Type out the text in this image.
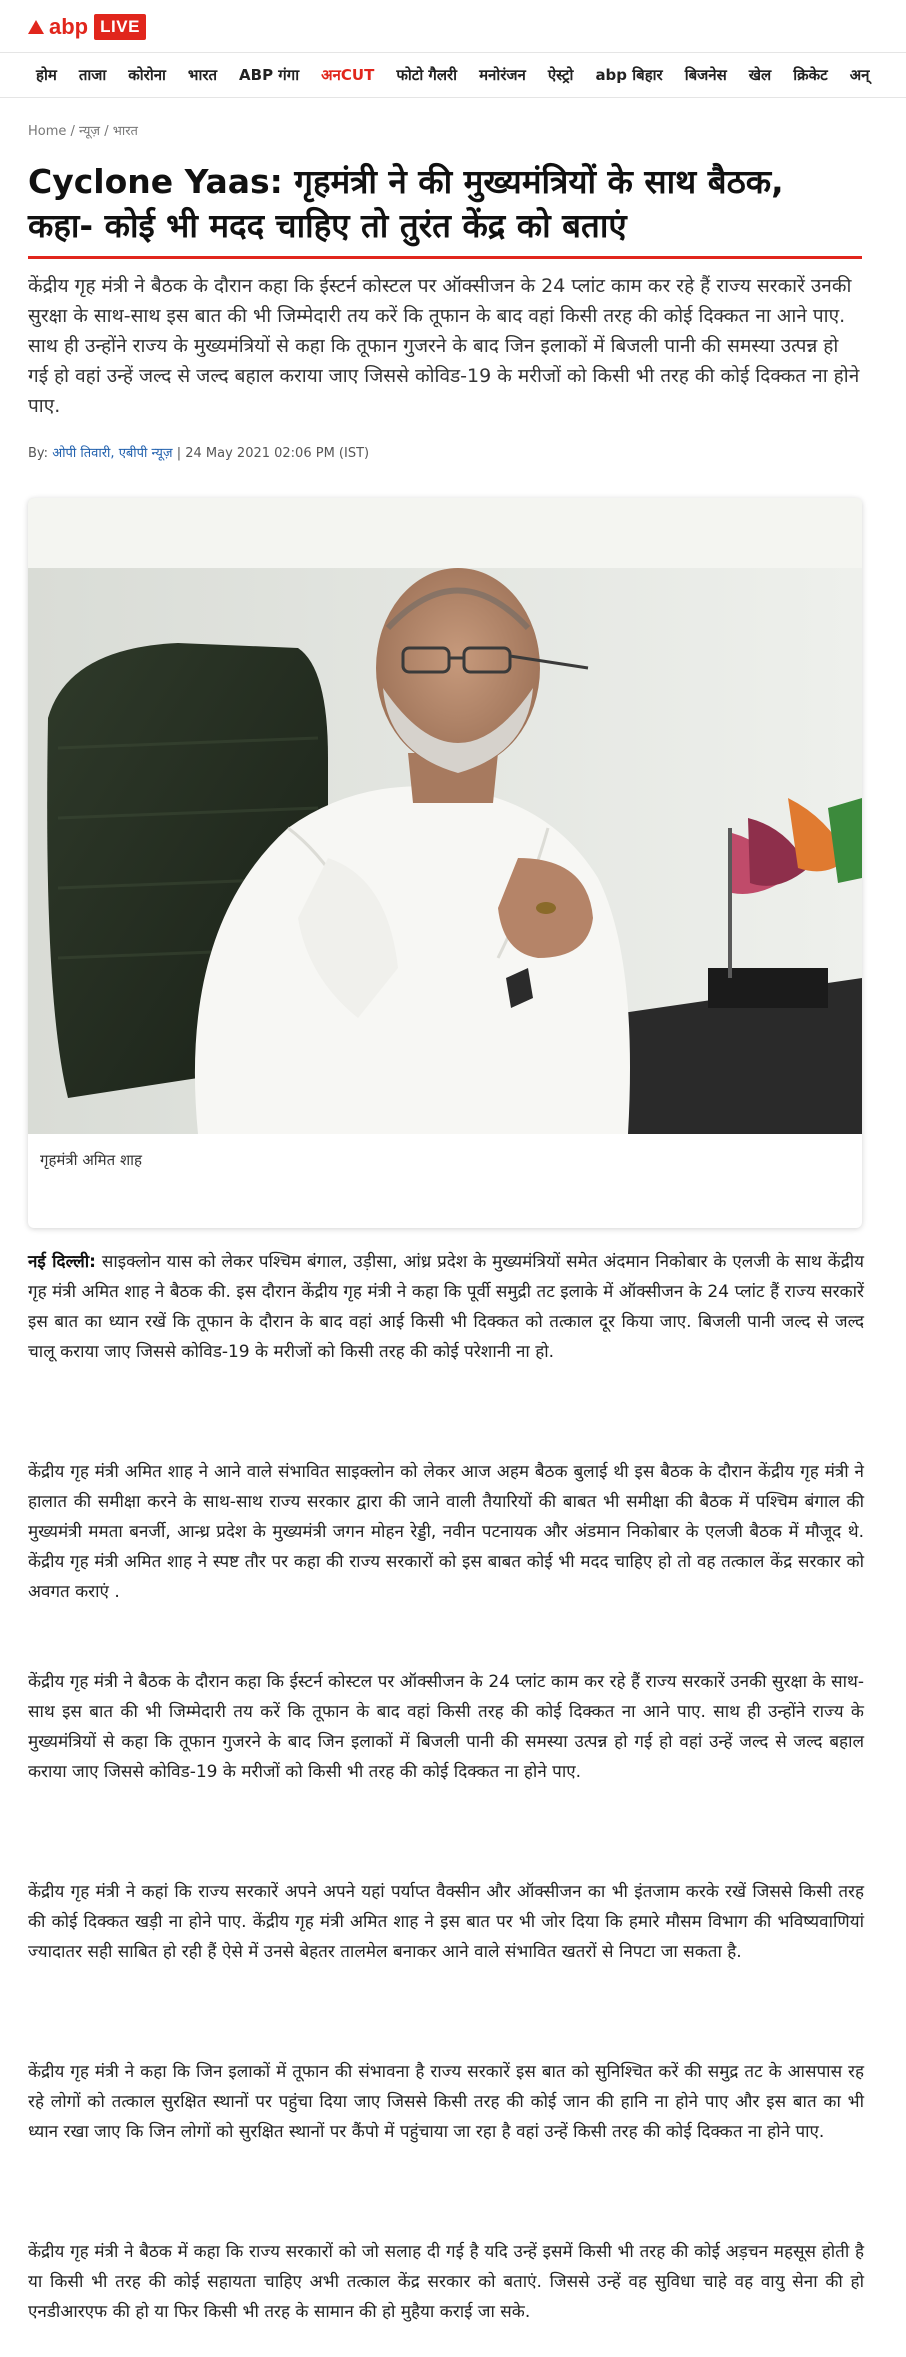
abp LIVE
होम ताजा कोरोना भारत ABP गंगा अनCUT फोटो गैलरी मनोरंजन ऐस्ट्रो abp बिहार बिजनेस खेल क्रिकेट अन्
Home / न्यूज़ / भारत
Cyclone Yaas: गृहमंत्री ने की मुख्यमंत्रियों के साथ बैठक, कहा- कोई भी मदद चाहिए तो तुरंत केंद्र को बताएं

केंद्रीय गृह मंत्री ने बैठक के दौरान कहा कि ईस्टर्न कोस्टल पर ऑक्सीजन के 24 प्लांट काम कर रहे हैं राज्य सरकारें उनकी सुरक्षा के साथ-साथ इस बात की भी जिम्मेदारी तय करें कि तूफान के बाद वहां किसी तरह की कोई दिक्कत ना आने पाए. साथ ही उन्होंने राज्य के मुख्यमंत्रियों से कहा कि तूफान गुजरने के बाद जिन इलाकों में बिजली पानी की समस्या उत्पन्न हो गई हो वहां उन्हें जल्द से जल्द बहाल कराया जाए जिससे कोविड-19 के मरीजों को किसी भी तरह की कोई दिक्कत ना होने पाए.

By: ओपी तिवारी, एबीपी न्यूज़ | 24 May 2021 02:06 PM (IST)
गृहमंत्री अमित शाह

नई दिल्ली: साइक्लोन यास को लेकर पश्चिम बंगाल, उड़ीसा, आंध्र प्रदेश के मुख्यमंत्रियों समेत अंदमान निकोबार के एलजी के साथ केंद्रीय गृह मंत्री अमित शाह ने बैठक की. इस दौरान केंद्रीय गृह मंत्री ने कहा कि पूर्वी समुद्री तट इलाके में ऑक्सीजन के 24 प्लांट हैं राज्य सरकारें इस बात का ध्यान रखें कि तूफान के दौरान के बाद वहां आई किसी भी दिक्कत को तत्काल दूर किया जाए. बिजली पानी जल्द से जल्द चालू कराया जाए जिससे कोविड-19 के मरीजों को किसी तरह की कोई परेशानी ना हो.

केंद्रीय गृह मंत्री अमित शाह ने आने वाले संभावित साइक्लोन को लेकर आज अहम बैठक बुलाई थी इस बैठक के दौरान केंद्रीय गृह मंत्री ने हालात की समीक्षा करने के साथ-साथ राज्य सरकार द्वारा की जाने वाली तैयारियों की बाबत भी समीक्षा की बैठक में पश्चिम बंगाल की मुख्यमंत्री ममता बनर्जी, आन्ध्र प्रदेश के मुख्यमंत्री जगन मोहन रेड्डी, नवीन पटनायक और अंडमान निकोबार के एलजी बैठक में मौजूद थे. केंद्रीय गृह मंत्री अमित शाह ने स्पष्ट तौर पर कहा की राज्य सरकारों को इस बाबत कोई भी मदद चाहिए हो तो वह तत्काल केंद्र सरकार को अवगत कराएं .

केंद्रीय गृह मंत्री ने बैठक के दौरान कहा कि ईस्टर्न कोस्टल पर ऑक्सीजन के 24 प्लांट काम कर रहे हैं राज्य सरकारें उनकी सुरक्षा के साथ-साथ इस बात की भी जिम्मेदारी तय करें कि तूफान के बाद वहां किसी तरह की कोई दिक्कत ना आने पाए. साथ ही उन्होंने राज्य के मुख्यमंत्रियों से कहा कि तूफान गुजरने के बाद जिन इलाकों में बिजली पानी की समस्या उत्पन्न हो गई हो वहां उन्हें जल्द से जल्द बहाल कराया जाए जिससे कोविड-19 के मरीजों को किसी भी तरह की कोई दिक्कत ना होने पाए.

केंद्रीय गृह मंत्री ने कहां कि राज्य सरकारें अपने अपने यहां पर्याप्त वैक्सीन और ऑक्सीजन का भी इंतजाम करके रखें जिससे किसी तरह की कोई दिक्कत खड़ी ना होने पाए. केंद्रीय गृह मंत्री अमित शाह ने इस बात पर भी जोर दिया कि हमारे मौसम विभाग की भविष्यवाणियां ज्यादातर सही साबित हो रही हैं ऐसे में उनसे बेहतर तालमेल बनाकर आने वाले संभावित खतरों से निपटा जा सकता है.

केंद्रीय गृह मंत्री ने कहा कि जिन इलाकों में तूफान की संभावना है राज्य सरकारें इस बात को सुनिश्चित करें की समुद्र तट के आसपास रह रहे लोगों को तत्काल सुरक्षित स्थानों पर पहुंचा दिया जाए जिससे किसी तरह की कोई जान की हानि ना होने पाए और इस बात का भी ध्यान रखा जाए कि जिन लोगों को सुरक्षित स्थानों पर कैंपो में पहुंचाया जा रहा है वहां उन्हें किसी तरह की कोई दिक्कत ना होने पाए.

केंद्रीय गृह मंत्री ने बैठक में कहा कि राज्य सरकारों को जो सलाह दी गई है यदि उन्हें इसमें किसी भी तरह की कोई अड़चन महसूस होती है या किसी भी तरह की कोई सहायता चाहिए अभी तत्काल केंद्र सरकार को बताएं. जिससे उन्हें वह सुविधा चाहे वह वायु सेना की हो एनडीआरएफ की हो या फिर किसी भी तरह के सामान की हो मुहैया कराई जा सके.
